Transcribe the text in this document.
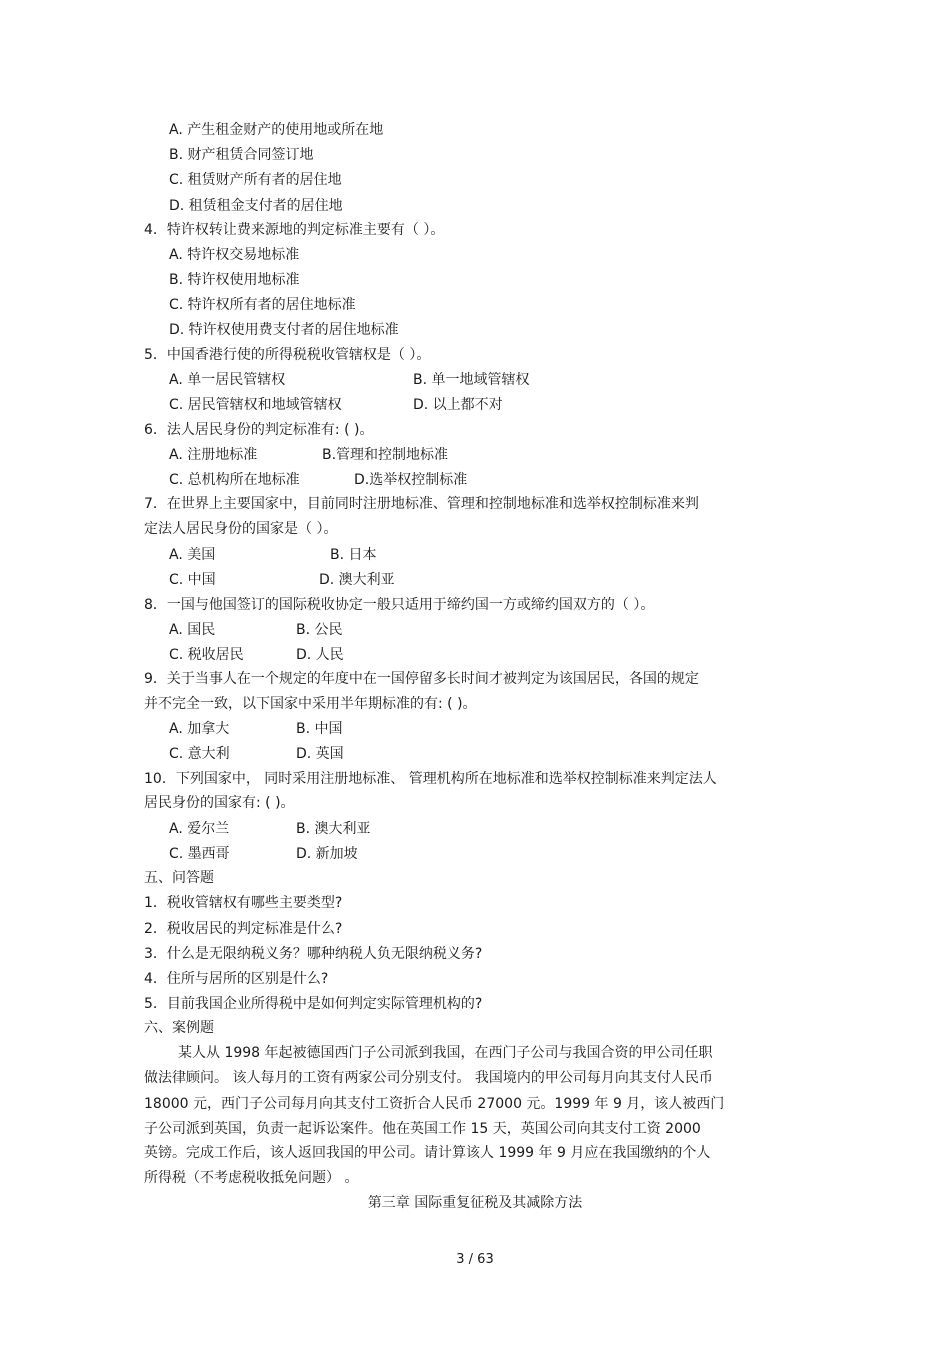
A. 产生租金财产的使用地或所在地
B. 财产租赁合同签订地
C. 租赁财产所有者的居住地
D. 租赁租金支付者的居住地
4．特许权转让费来源地的判定标准主要有（ ）。
A. 特许权交易地标准
B. 特许权使用地标准
C. 特许权所有者的居住地标准
D. 特许权使用费支付者的居住地标准
5．中国香港行使的所得税税收管辖权是（ ）。
A. 单一居民管辖权	B. 单一地域管辖权
C. 居民管辖权和地域管辖权	D. 以上都不对
6．法人居民身份的判定标准有: ( )。
A. 注册地标准	B.管理和控制地标准
C. 总机构所在地标准	D.选举权控制标准
7．在世界上主要国家中，目前同时注册地标准、管理和控制地标准和选举权控制标准来判
定法人居民身份的国家是（ ）。
A. 美国	B. 日本
C. 中国	D. 澳大利亚
8．一国与他国签订的国际税收协定一般只适用于缔约国一方或缔约国双方的（ ）。
A. 国民	B. 公民
C. 税收居民	D. 人民
9．关于当事人在一个规定的年度中在一国停留多长时间才被判定为该国居民，各国的规定
并不完全一致，以下国家中采用半年期标准的有: ( )。
A. 加拿大	B. 中国
C. 意大利	D. 英国
10．下列国家中， 同时采用注册地标准、 管理机构所在地标准和选举权控制标准来判定法人
居民身份的国家有: ( )。
A. 爱尔兰	B. 澳大利亚
C. 墨西哥	D. 新加坡
五、问答题
1．税收管辖权有哪些主要类型?
2．税收居民的判定标准是什么?
3．什么是无限纳税义务？哪种纳税人负无限纳税义务?
4．住所与居所的区别是什么?
5．目前我国企业所得税中是如何判定实际管理机构的?
六、案例题
某人从 1998 年起被德国西门子公司派到我国，在西门子公司与我国合资的甲公司任职
做法律顾问。 该人每月的工资有两家公司分别支付。 我国境内的甲公司每月向其支付人民币
18000 元，西门子公司每月向其支付工资折合人民币 27000 元。1999 年 9 月，该人被西门
子公司派到英国，负责一起诉讼案件。他在英国工作 15 天，英国公司向其支付工资 2000
英镑。完成工作后，该人返回我国的甲公司。请计算该人 1999 年 9 月应在我国缴纳的个人
所得税（不考虑税收抵免问题） 。
第三章 国际重复征税及其减除方法
3 / 63
